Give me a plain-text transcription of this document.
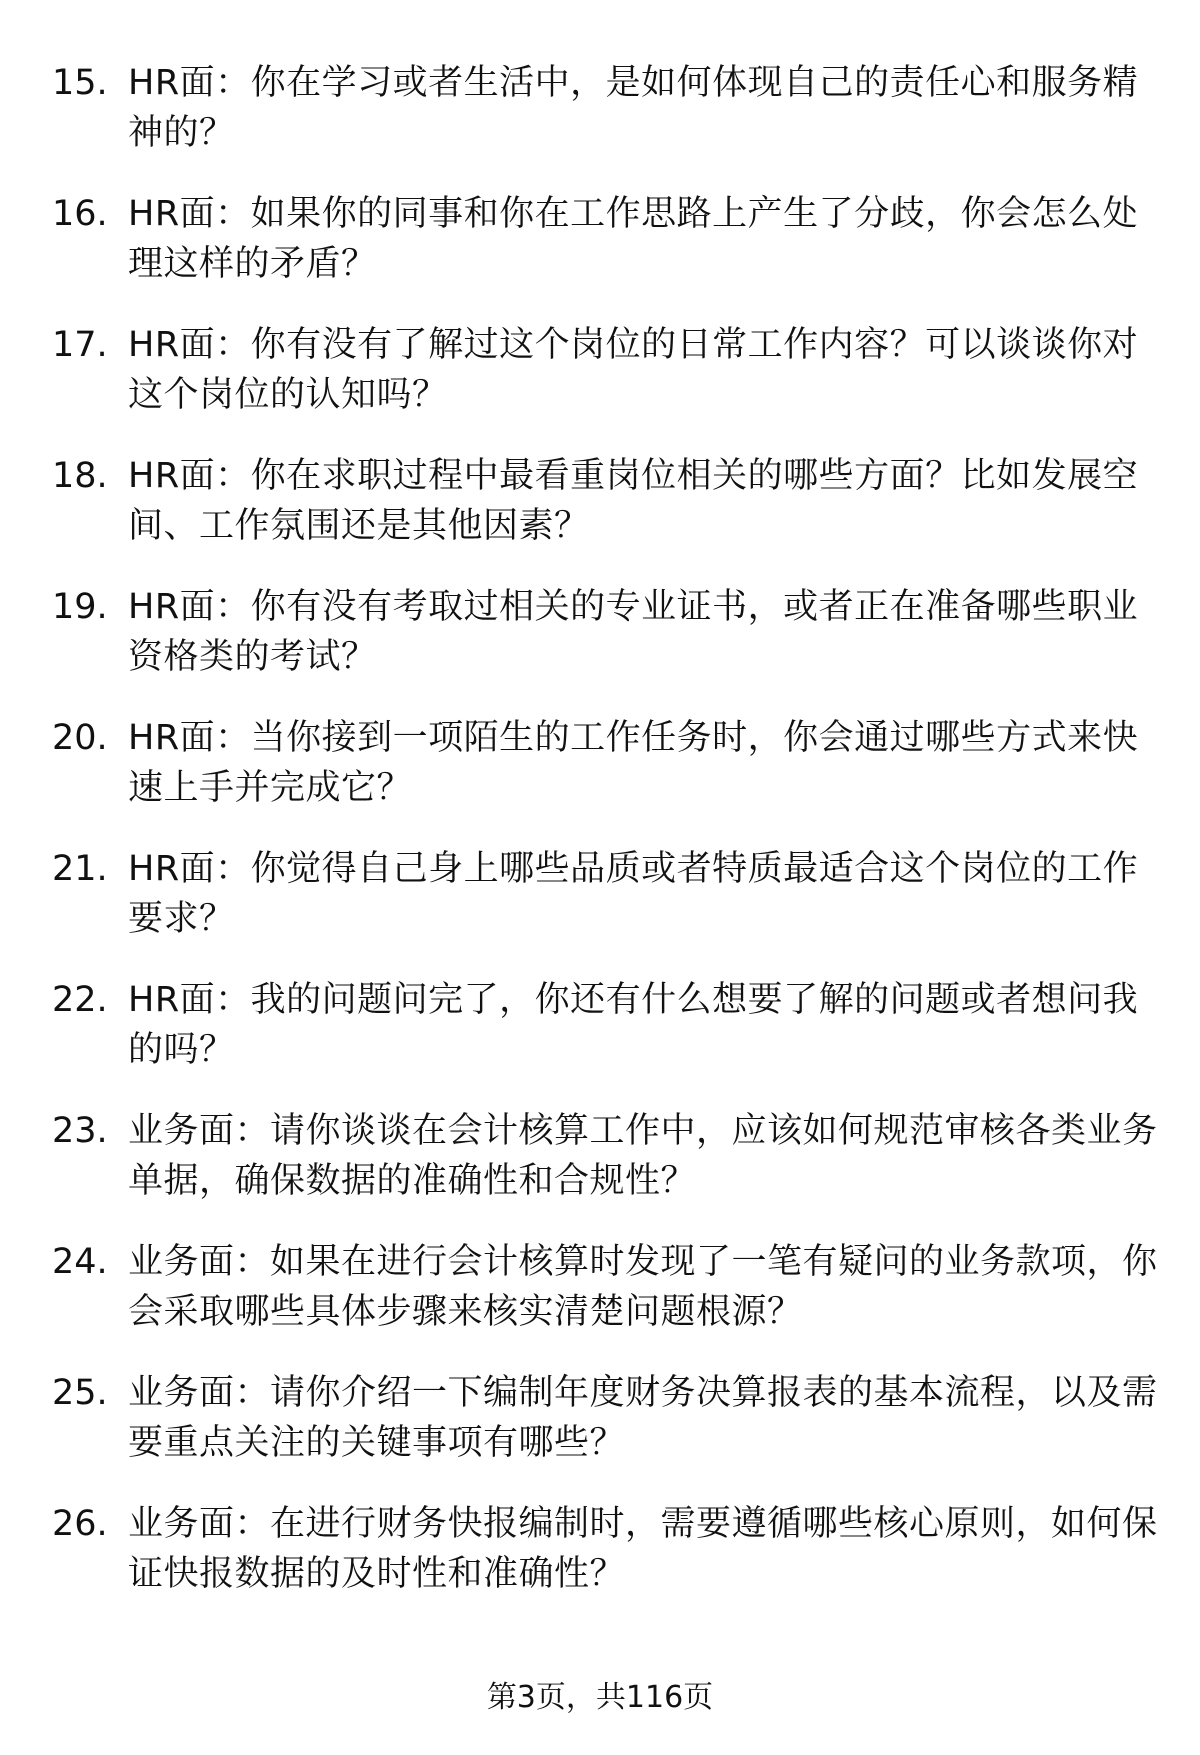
15. HR面：你在学习或者生活中，是如何体现自己的责任心和服务精神的？
16. HR面：如果你的同事和你在工作思路上产生了分歧，你会怎么处理这样的矛盾？
17. HR面：你有没有了解过这个岗位的日常工作内容？可以谈谈你对这个岗位的认知吗？
18. HR面：你在求职过程中最看重岗位相关的哪些方面？比如发展空间、工作氛围还是其他因素？
19. HR面：你有没有考取过相关的专业证书，或者正在准备哪些职业资格类的考试？
20. HR面：当你接到一项陌生的工作任务时，你会通过哪些方式来快速上手并完成它？
21. HR面：你觉得自己身上哪些品质或者特质最适合这个岗位的工作要求？
22. HR面：我的问题问完了，你还有什么想要了解的问题或者想问我的吗？
23. 业务面：请你谈谈在会计核算工作中，应该如何规范审核各类业务单据，确保数据的准确性和合规性？
24. 业务面：如果在进行会计核算时发现了一笔有疑问的业务款项，你会采取哪些具体步骤来核实清楚问题根源？
25. 业务面：请你介绍一下编制年度财务决算报表的基本流程，以及需要重点关注的关键事项有哪些？
26. 业务面：在进行财务快报编制时，需要遵循哪些核心原则，如何保证快报数据的及时性和准确性？
第3页，共116页
